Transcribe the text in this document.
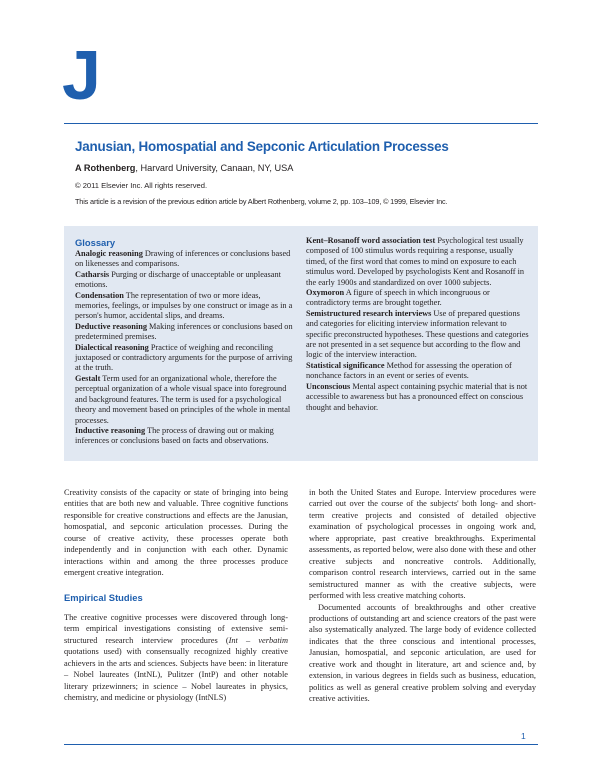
J
Janusian, Homospatial and Sepconic Articulation Processes

A Rothenberg, Harvard University, Canaan, NY, USA

© 2011 Elsevier Inc. All rights reserved.

This article is a revision of the previous edition article by Albert Rothenberg, volume 2, pp. 103–109, © 1999, Elsevier Inc.

Glossary

Analogic reasoning Drawing of inferences or conclusions based on likenesses and comparisons.

Catharsis Purging or discharge of unacceptable or unpleasant emotions.

Condensation The representation of two or more ideas, memories, feelings, or impulses by one construct or image as in a person's humor, accidental slips, and dreams.

Deductive reasoning Making inferences or conclusions based on predetermined premises.

Dialectical reasoning Practice of weighing and reconciling juxtaposed or contradictory arguments for the purpose of arriving at the truth.

Gestalt Term used for an organizational whole, therefore the perceptual organization of a whole visual space into foreground and background features. The term is used for a psychological theory and movement based on principles of the whole in mental processes.

Inductive reasoning The process of drawing out or making inferences or conclusions based on facts and observations.

Kent–Rosanoff word association test Psychological test usually composed of 100 stimulus words requiring a response, usually timed, of the first word that comes to mind on exposure to each stimulus word. Developed by psychologists Kent and Rosanoff in the early 1900s and standardized on over 1000 subjects.

Oxymoron A figure of speech in which incongruous or contradictory terms are brought together.

Semistructured research interviews Use of prepared questions and categories for eliciting interview information relevant to specific preconstructed hypotheses. These questions and categories are not presented in a set sequence but according to the flow and logic of the interview interaction.

Statistical significance Method for assessing the operation of nonchance factors in an event or series of events.

Unconscious Mental aspect containing psychic material that is not accessible to awareness but has a pronounced effect on conscious thought and behavior.

Creativity consists of the capacity or state of bringing into being entities that are both new and valuable. Three cognitive functions responsible for creative constructions and effects are the Janusian, homospatial, and sepconic articulation processes. During the course of creative activity, these processes operate both independently and in conjunction with each other. Dynamic interactions within and among the three processes produce emergent creative integration.

Empirical Studies

The creative cognitive processes were discovered through long-term empirical investigations consisting of extensive semi-structured research interview procedures (Int – verbatim quotations used) with consensually recognized highly creative achievers in the arts and sciences. Subjects have been: in literature – Nobel laureates (IntNL), Pulitzer (IntP) and other notable literary prizewinners; in science – Nobel laureates in physics, chemistry, and medicine or physiology (IntNLS)

in both the United States and Europe. Interview procedures were carried out over the course of the subjects' both long- and short-term creative projects and consisted of detailed objective examination of psychological processes in ongoing work and, where appropriate, past creative breakthroughs. Experimental assessments, as reported below, were also done with these and other creative subjects and noncreative controls. Additionally, comparison control research interviews, carried out in the same semistructured manner as with the creative subjects, were performed with less creative matching cohorts.

Documented accounts of breakthroughs and other creative productions of outstanding art and science creators of the past were also systematically analyzed. The large body of evidence collected indicates that the three conscious and intentional processes, Janusian, homospatial, and sepconic articulation, are used for creative work and thought in literature, art and science and, by extension, in various degrees in fields such as business, education, politics as well as general creative problem solving and everyday creative activities.

1
